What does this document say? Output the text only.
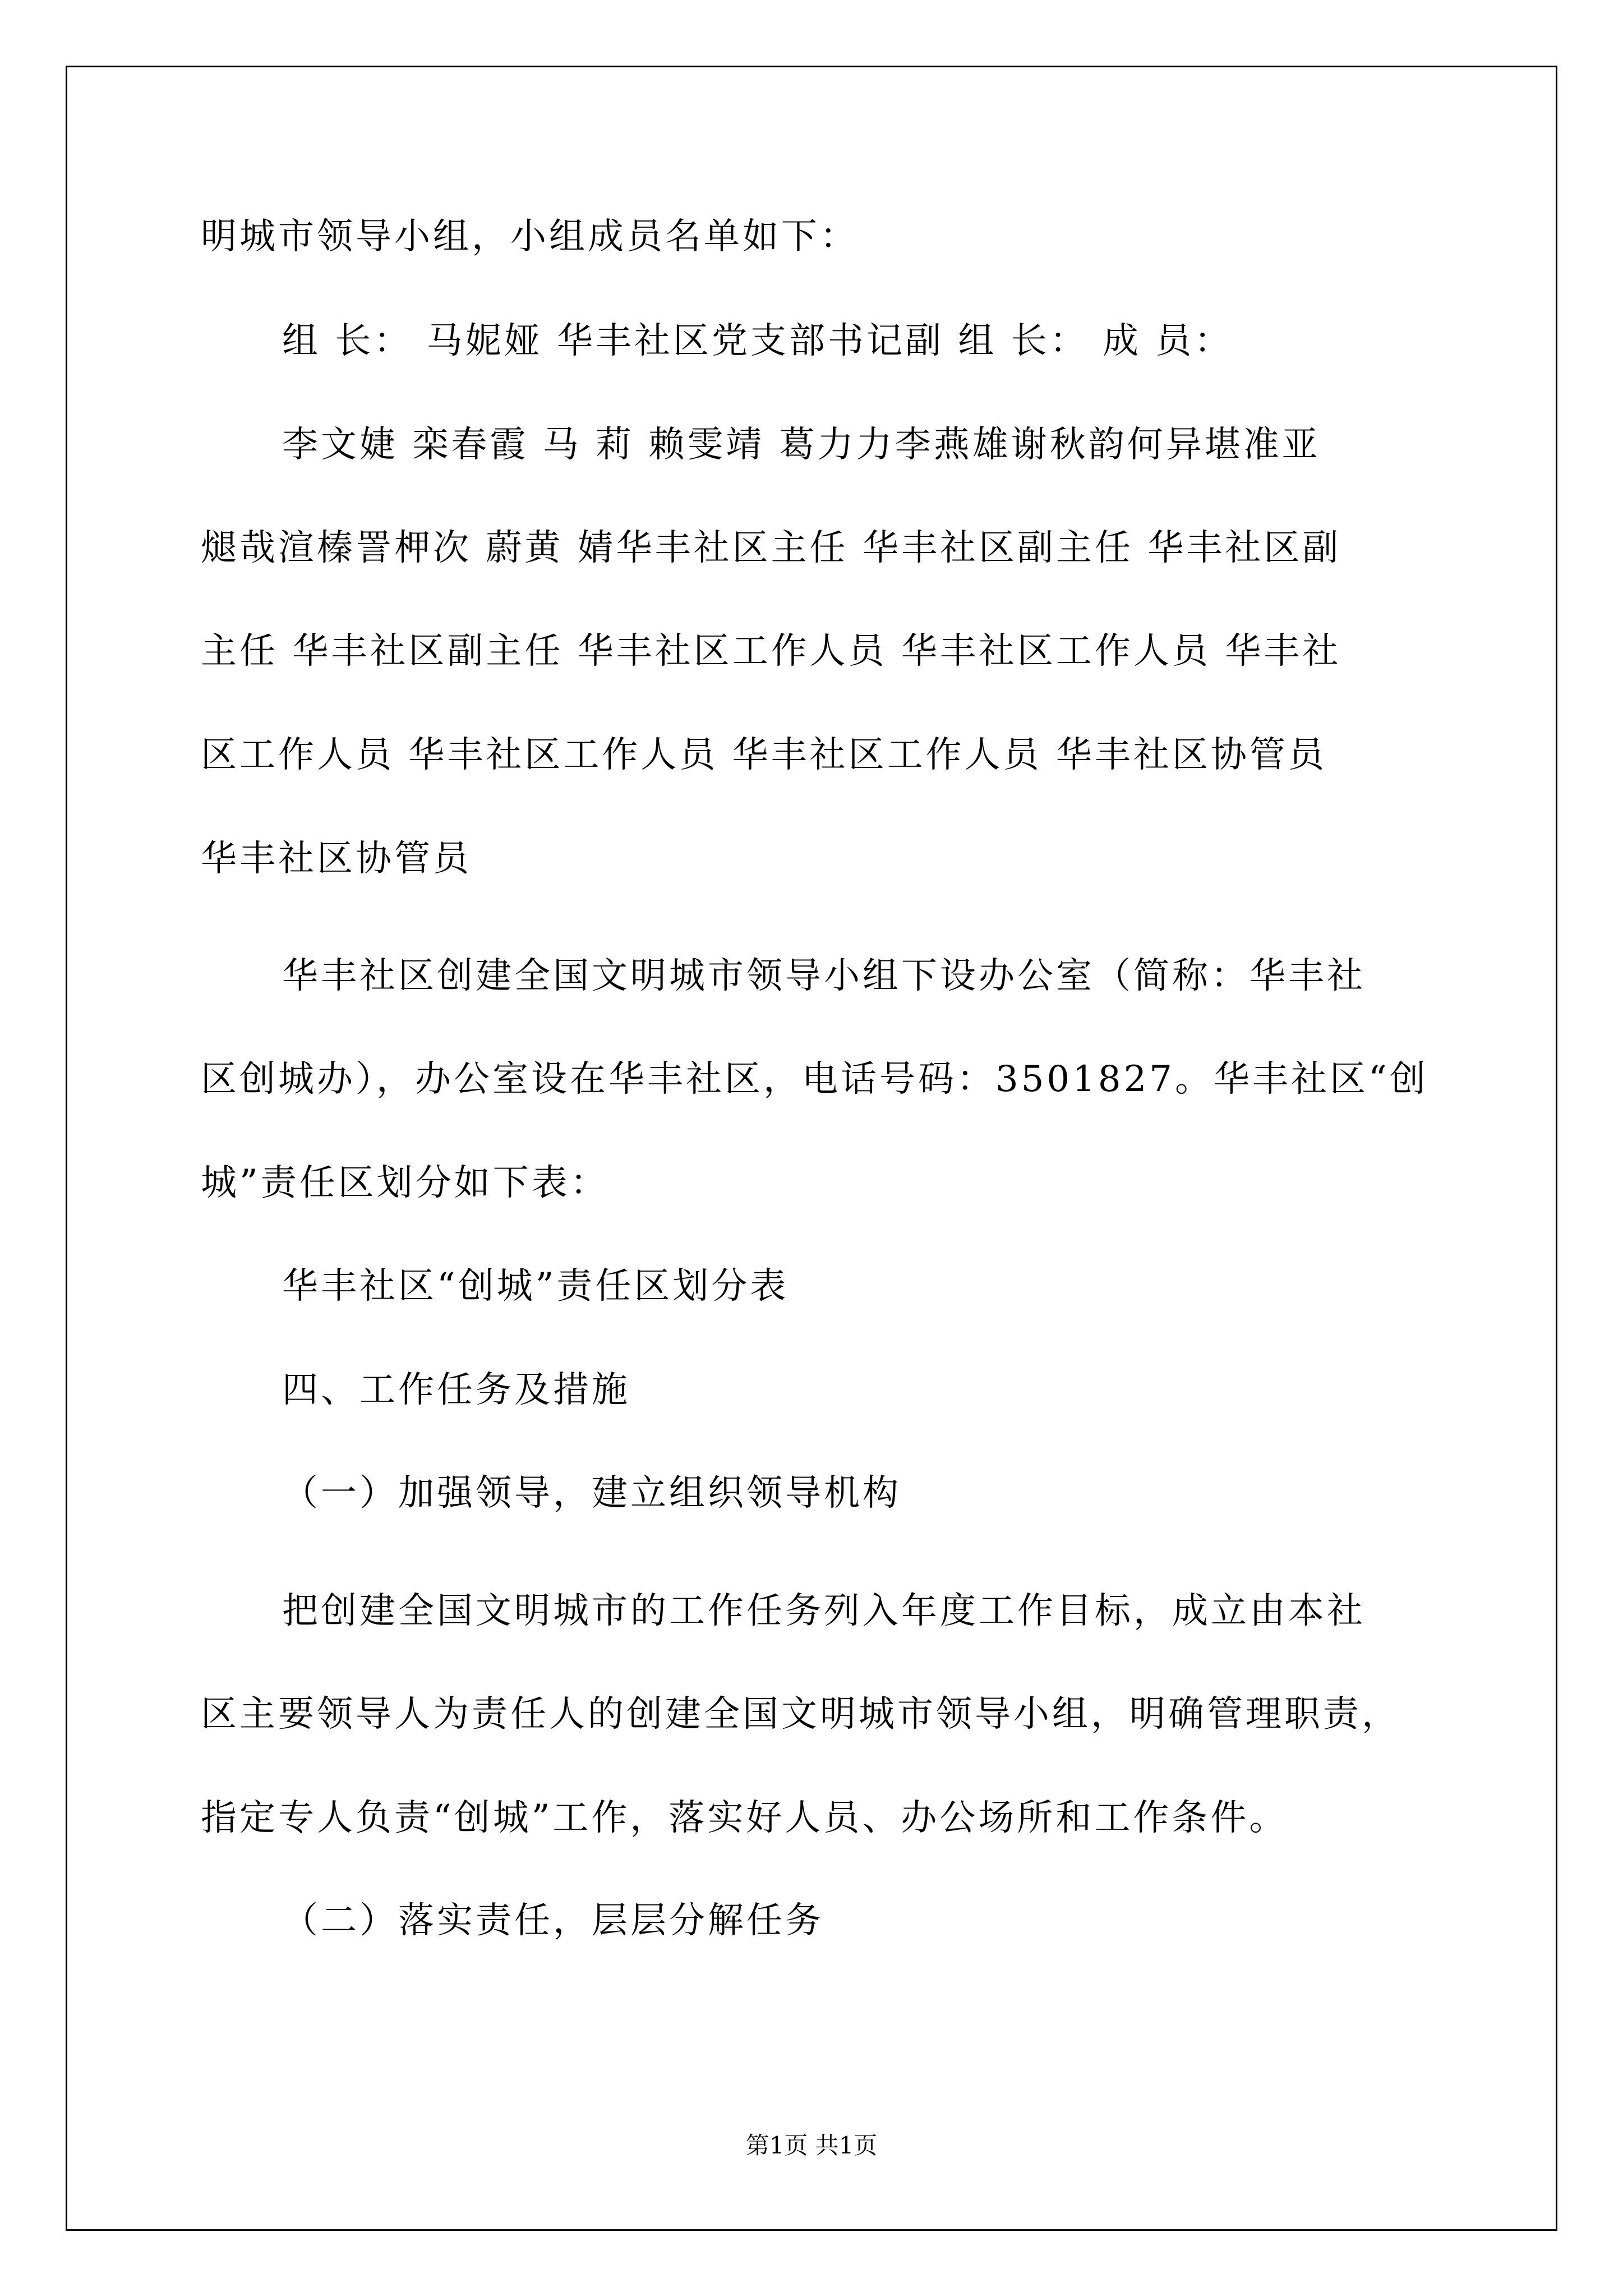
明城市领导小组，小组成员名单如下：
组 长： 马妮娅 华丰社区党支部书记副 组 长： 成 员：
李文婕 栾春霞 马 莉 赖雯靖 葛力力李燕雄谢秋韵何异堪准亚
煺哉渲榛詈柙次 蔚黄 婧华丰社区主任 华丰社区副主任 华丰社区副
主任 华丰社区副主任 华丰社区工作人员 华丰社区工作人员 华丰社
区工作人员 华丰社区工作人员 华丰社区工作人员 华丰社区协管员
华丰社区协管员
华丰社区创建全国文明城市领导小组下设办公室（简称：华丰社
区创城办），办公室设在华丰社区，电话号码：3501827。华丰社区“创
城”责任区划分如下表：
华丰社区“创城”责任区划分表
四、工作任务及措施
（一）加强领导，建立组织领导机构
把创建全国文明城市的工作任务列入年度工作目标，成立由本社
区主要领导人为责任人的创建全国文明城市领导小组，明确管理职责，
指定专人负责“创城”工作，落实好人员、办公场所和工作条件。
（二）落实责任，层层分解任务
第1页 共1页
